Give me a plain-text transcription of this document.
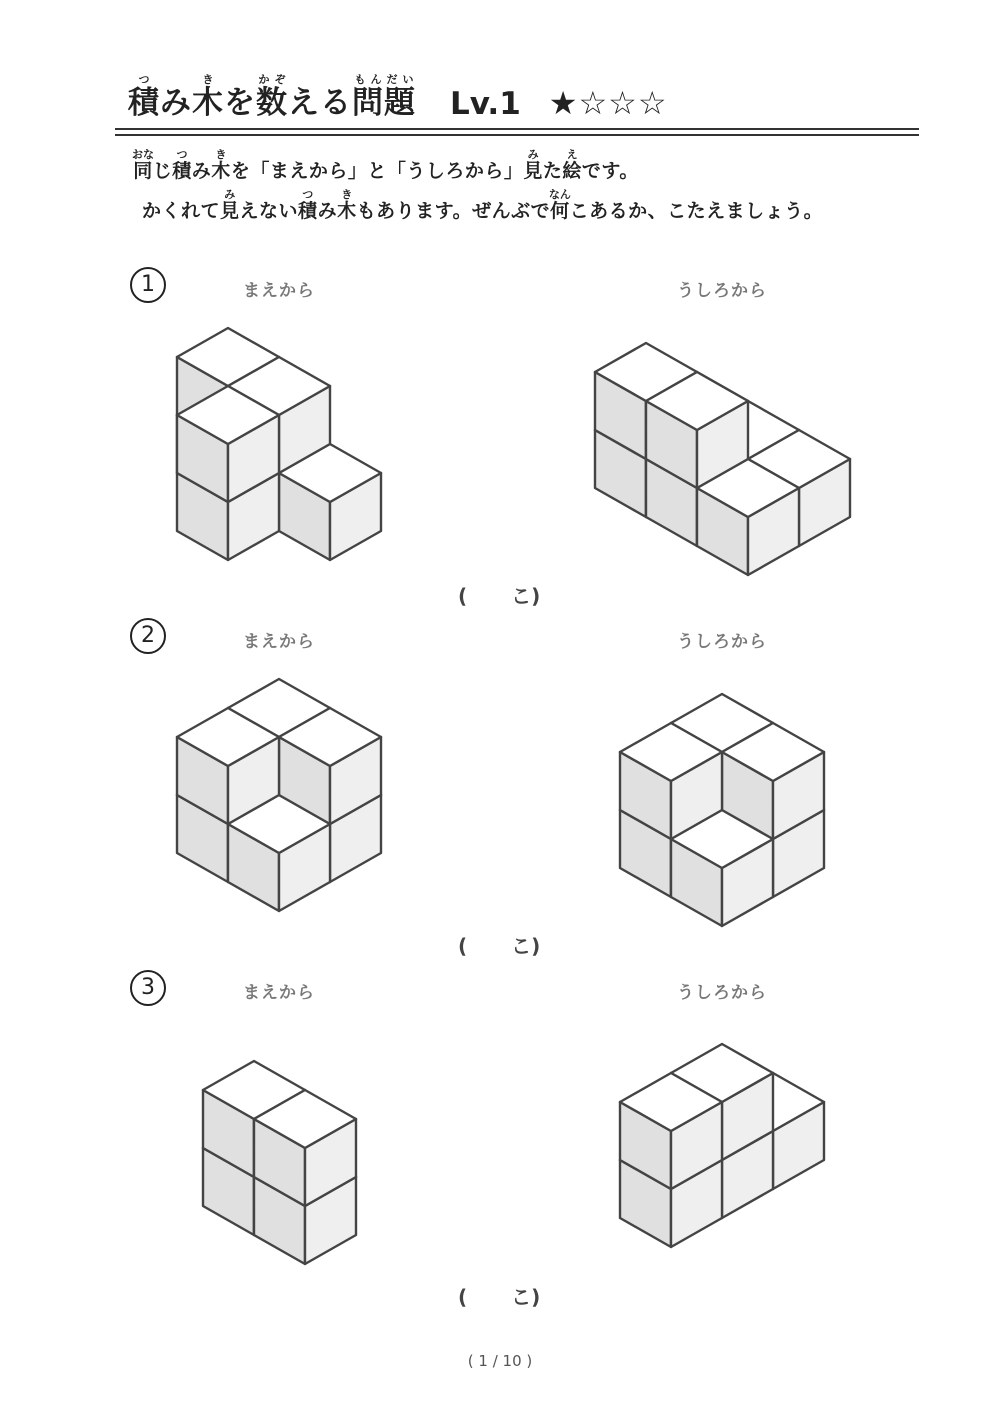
積つみ木きを数かぞえる問題もんだい
Lv.1 ★☆☆☆
同おなじ積つみ木きを「まえから」と「うしろから」見みた絵えです。
かくれて見みえない積つみ木きもあります。ぜんぶで何なんこあるか、こたえましょう。
1	まえから	うしろから
( こ)
2	まえから	うしろから
( こ)
3	まえから	うしろから
( こ)
( 1 / 10 )
